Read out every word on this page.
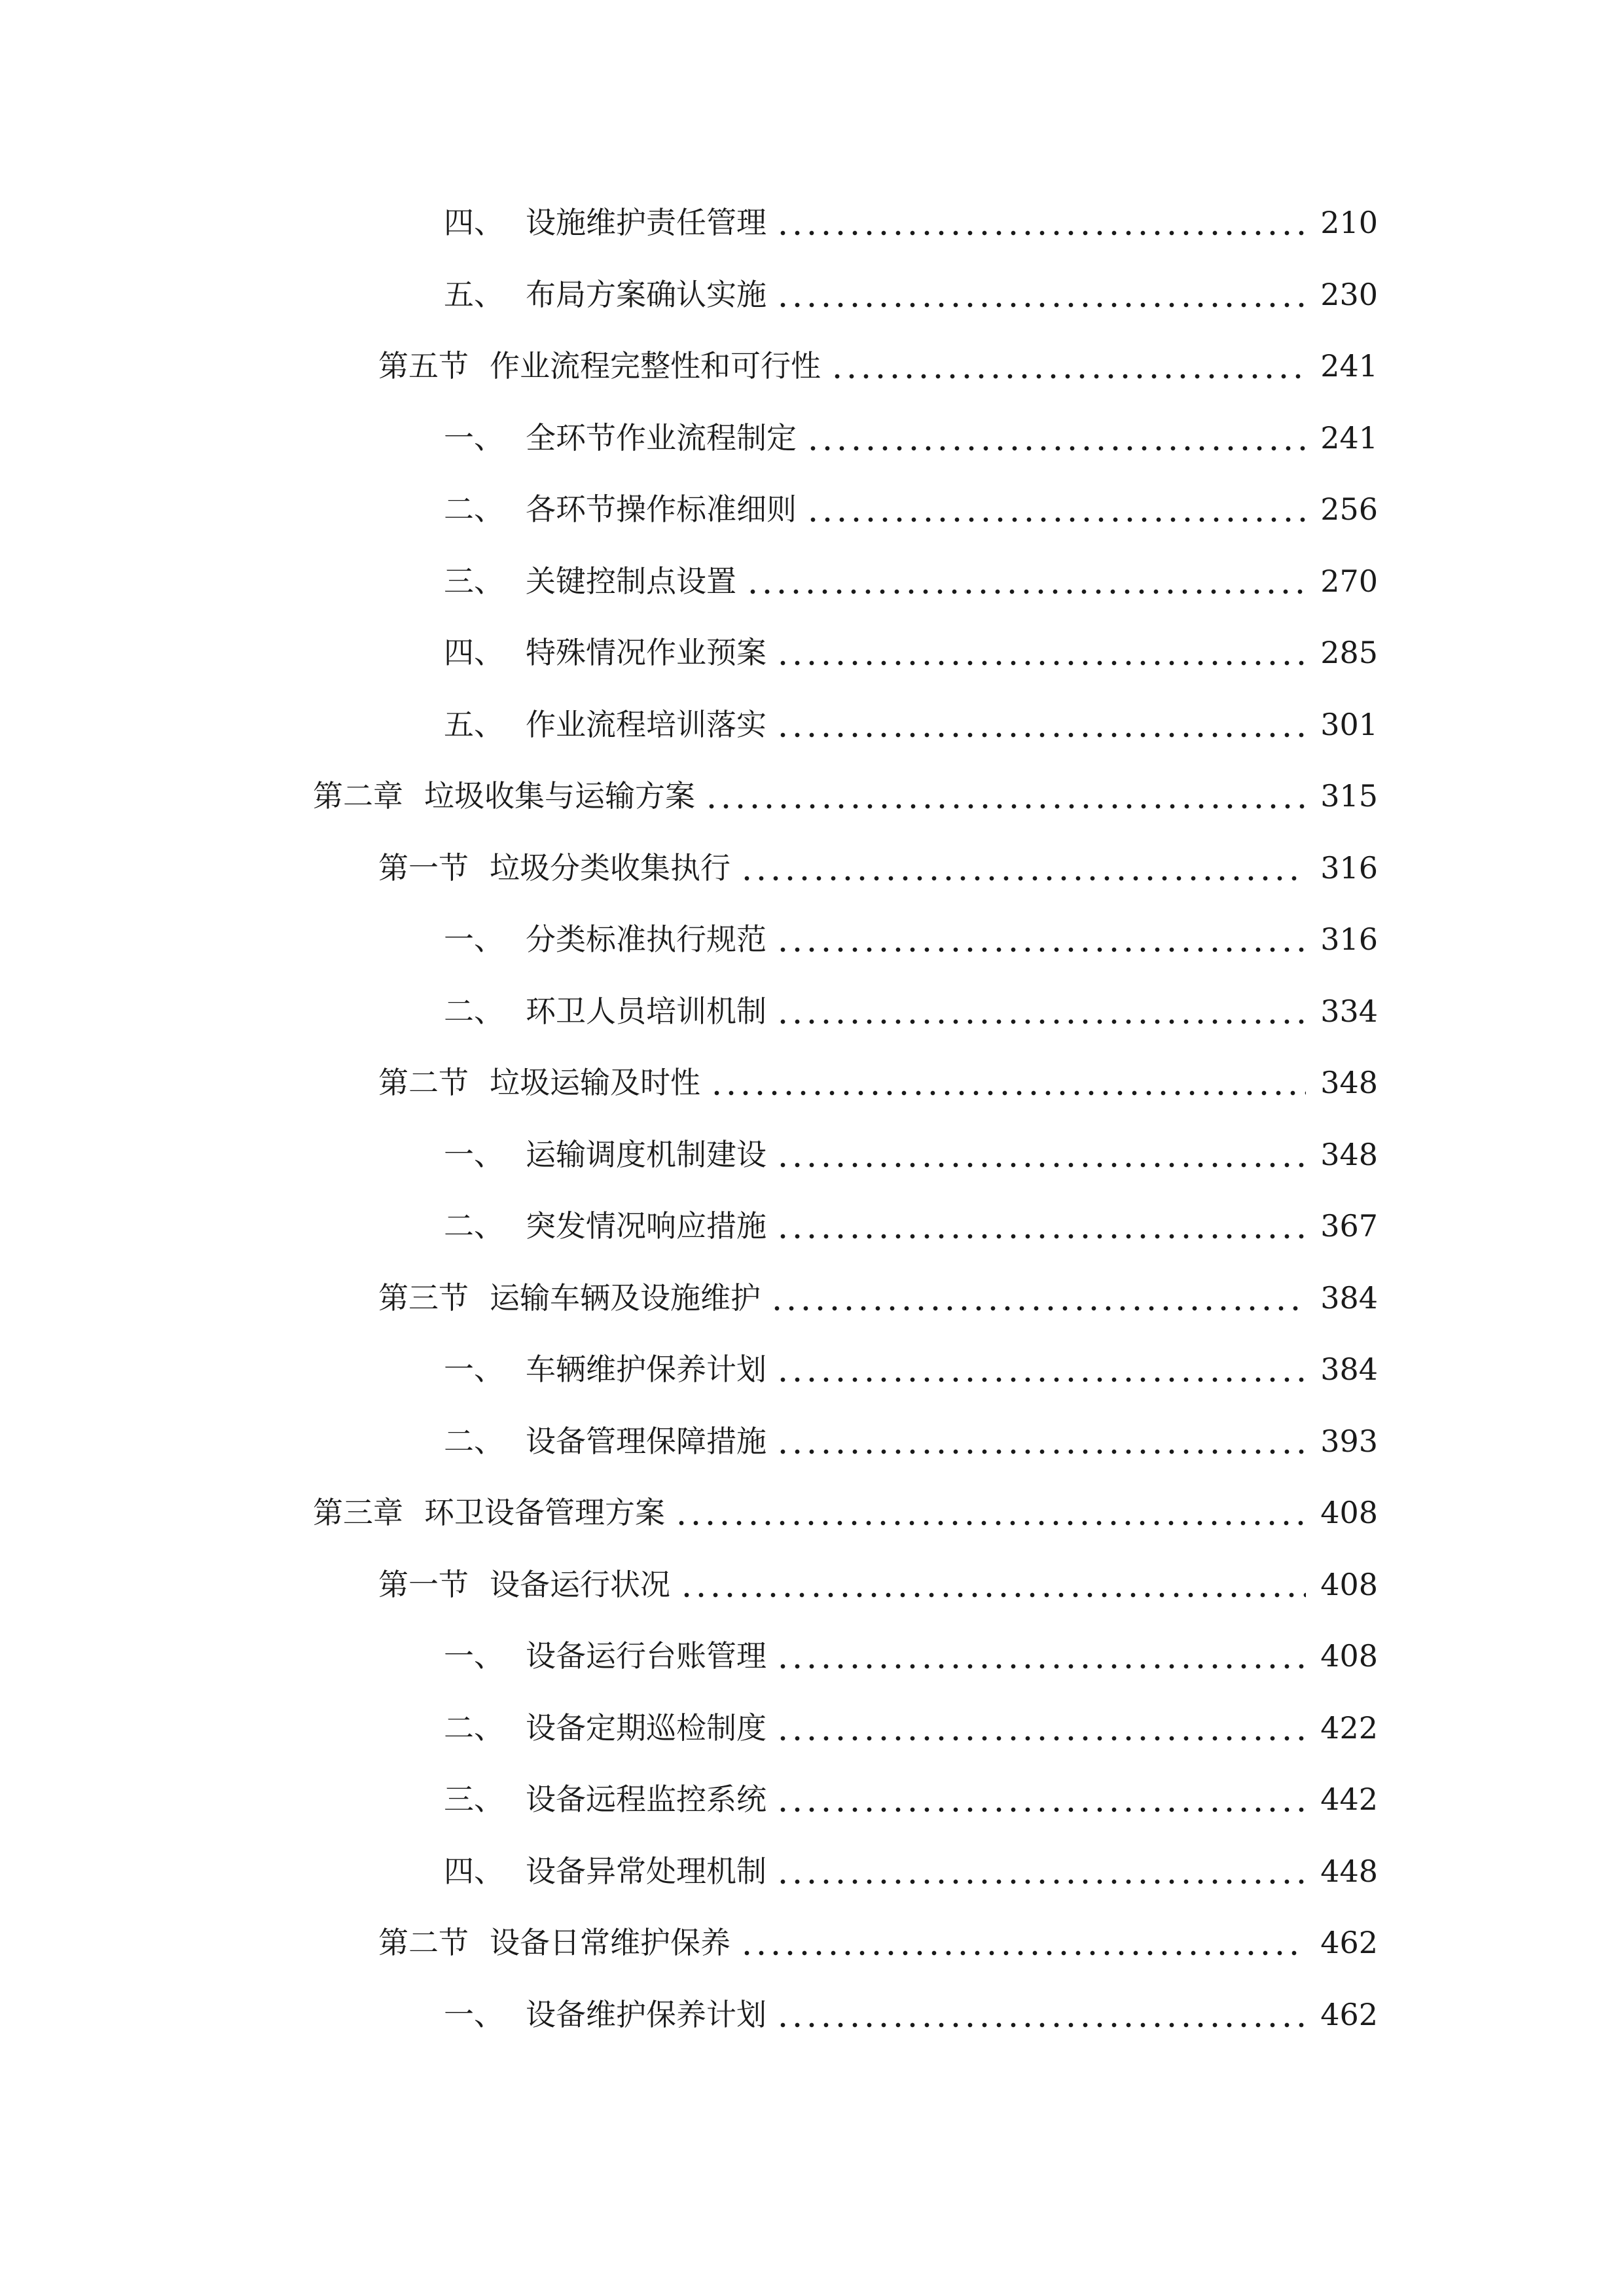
四、 设施维护责任管理	210
五、 布局方案确认实施	230
第五节 作业流程完整性和可行性	241
一、 全环节作业流程制定	241
二、 各环节操作标准细则	256
三、 关键控制点设置	270
四、 特殊情况作业预案	285
五、 作业流程培训落实	301
第二章 垃圾收集与运输方案	315
第一节 垃圾分类收集执行	316
一、 分类标准执行规范	316
二、 环卫人员培训机制	334
第二节 垃圾运输及时性	348
一、 运输调度机制建设	348
二、 突发情况响应措施	367
第三节 运输车辆及设施维护	384
一、 车辆维护保养计划	384
二、 设备管理保障措施	393
第三章 环卫设备管理方案	408
第一节 设备运行状况	408
一、 设备运行台账管理	408
二、 设备定期巡检制度	422
三、 设备远程监控系统	442
四、 设备异常处理机制	448
第二节 设备日常维护保养	462
一、 设备维护保养计划	462
